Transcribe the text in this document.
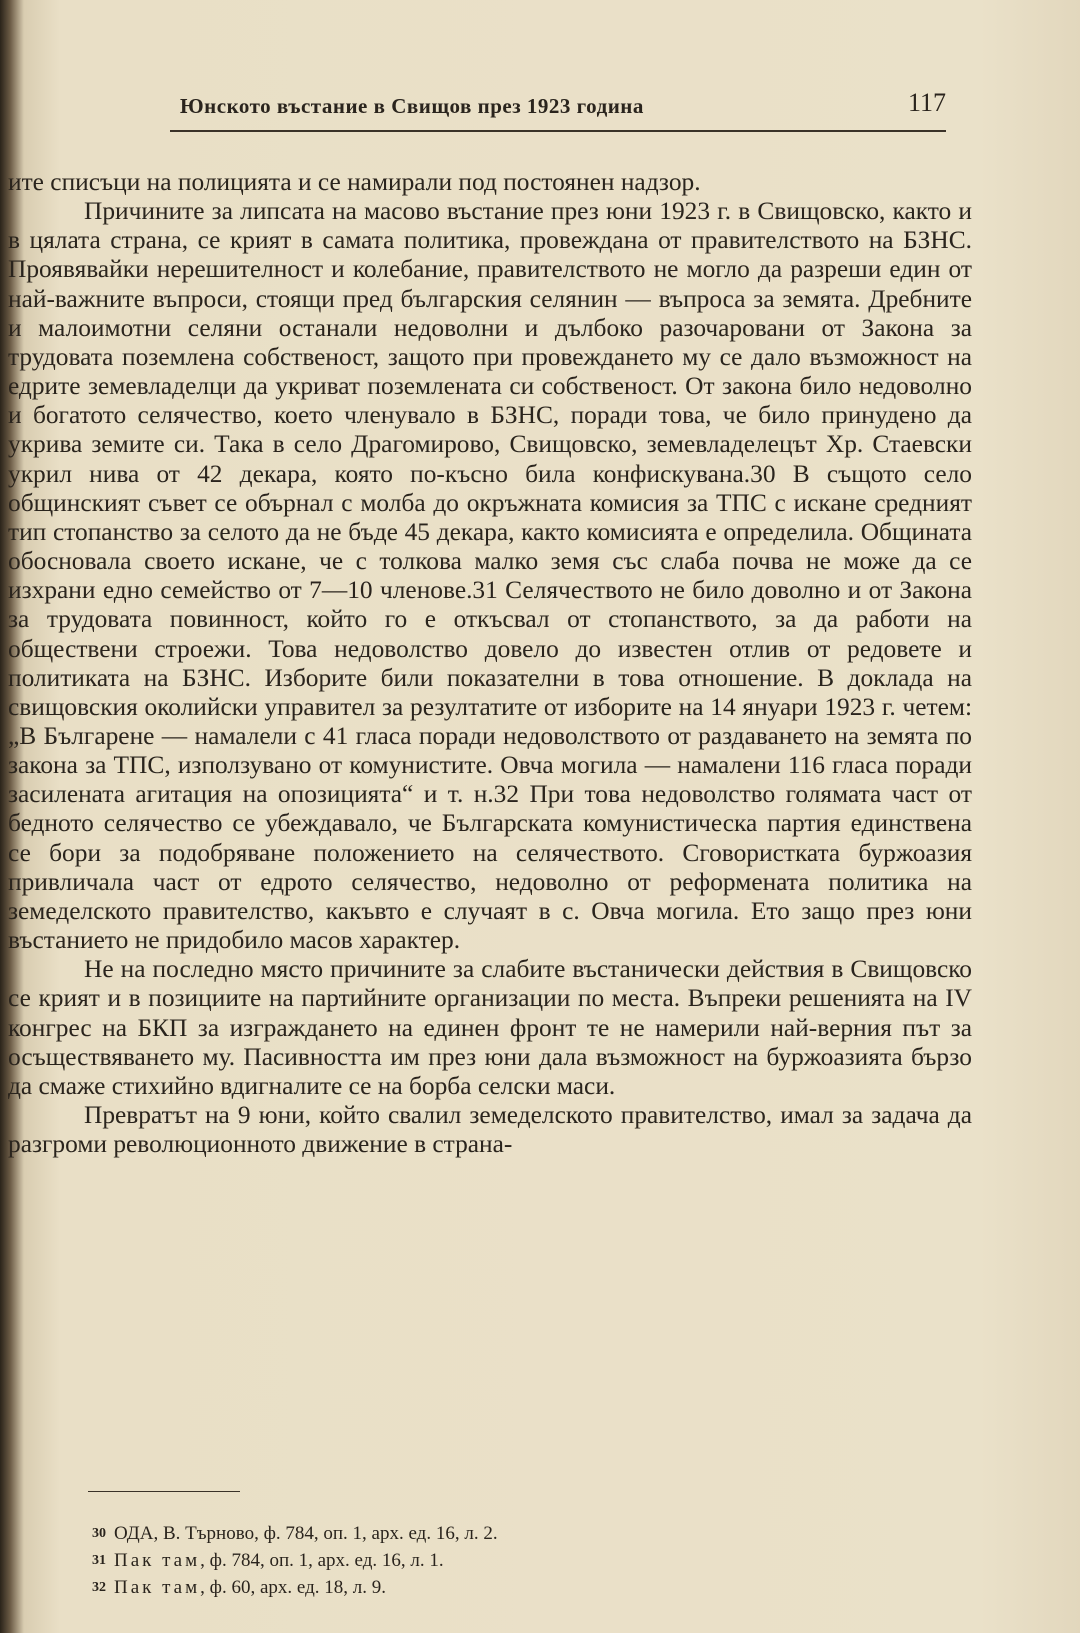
Юнското въстание в Свищов през 1923 година	117

ите списъци на полицията и се намирали под постоянен надзор.

Причините за липсата на масово въстание през юни 1923 г. в Свищовско, както и в цялата страна, се крият в самата политика, провеждана от правителството на БЗНС. Проявявайки нерешителност и колебание, правителството не могло да разреши един от най-важните въпроси, стоящи пред българския селянин — въпроса за земята. Дребните и малоимотни селяни останали недоволни и дълбоко разочаровани от Закона за трудовата поземлена собственост, защото при провеждането му се дало възможност на едрите земевладелци да укриват поземлената си собственост. От закона било недоволно и богатото селячество, което членувало в БЗНС, поради това, че било принудено да укрива земите си. Така в село Драгомирово, Свищовско, земевладелецът Хр. Стаевски укрил нива от 42 декара, която по-късно била конфискувана.30 В същото село общинският съвет се обърнал с молба до окръжната комисия за ТПС с искане средният тип стопанство за селото да не бъде 45 декара, както комисията е определила. Общината обосновала своето искане, че с толкова малко земя със слаба почва не може да се изхрани едно семейство от 7—10 членове.31 Селячеството не било доволно и от Закона за трудовата повинност, който го е откъсвал от стопанството, за да работи на обществени строежи. Това недоволство довело до известен отлив от редовете и политиката на БЗНС. Изборите били показателни в това отношение. В доклада на свищовския околийски управител за резултатите от изборите на 14 януари 1923 г. четем: „В Българене — намалели с 41 гласа поради недоволството от раздаването на земята по закона за ТПС, използувано от комунистите. Овча могила — намалени 116 гласа поради засилената агитация на опозицията“ и т. н.32 При това недоволство голямата част от бедното селячество се убеждавало, че Българската комунистическа партия единствена се бори за подобряване положението на селячеството. Сговористката буржоазия привличала част от едрото селячество, недоволно от реформената политика на земеделското правителство, какъвто е случаят в с. Овча могила. Ето защо през юни въстанието не придобило масов характер.

Не на последно място причините за слабите въстанически действия в Свищовско се крият и в позициите на партийните организации по места. Въпреки решенията на IV конгрес на БКП за изграждането на единен фронт те не намерили най-верния път за осъществяването му. Пасивността им през юни дала възможност на буржоазията бързо да смаже стихийно вдигналите се на борба селски маси.

Превратът на 9 юни, който свалил земеделското правителство, имал за задача да разгроми революционното движение в страна-

30 ОДА, В. Търново, ф. 784, оп. 1, арх. ед. 16, л. 2.
31 Пак там, ф. 784, оп. 1, арх. ед. 16, л. 1.
32 Пак там, ф. 60, арх. ед. 18, л. 9.
